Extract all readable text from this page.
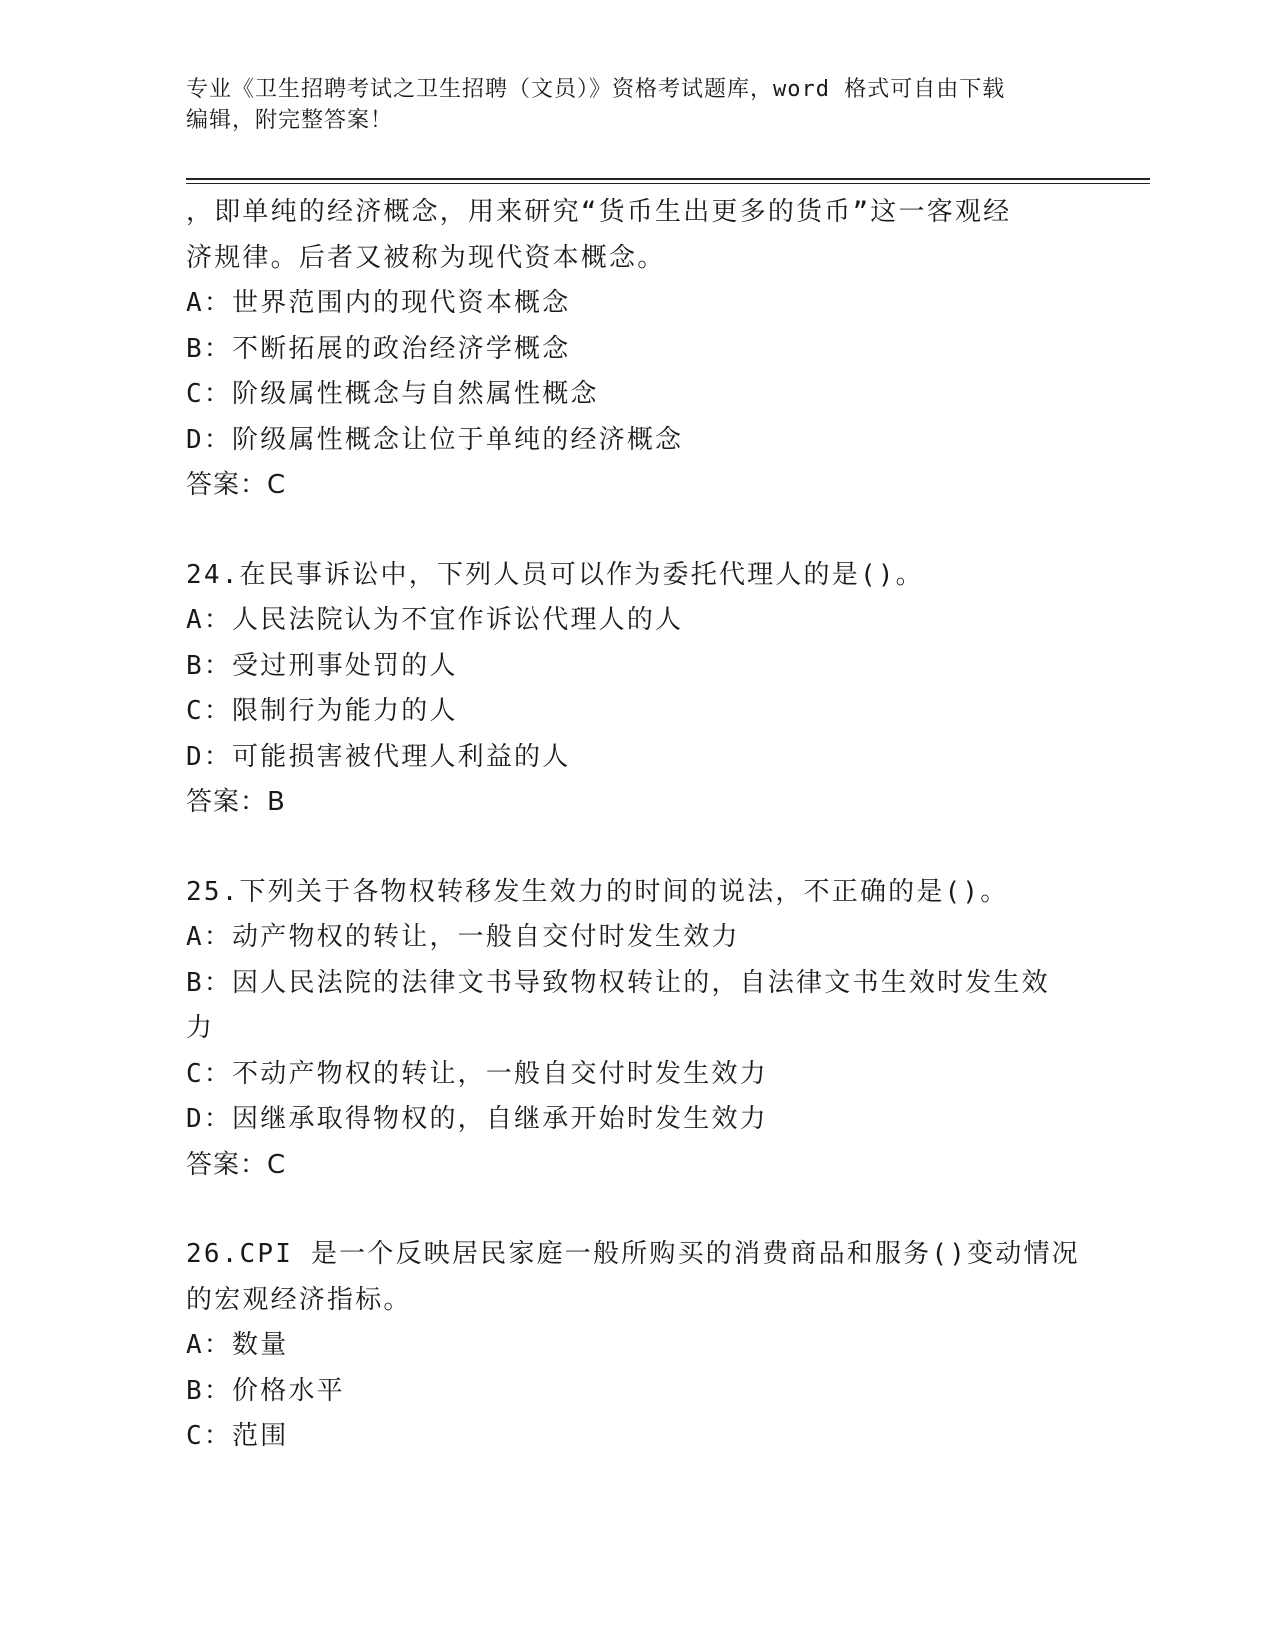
专业《卫生招聘考试之卫生招聘（文员）》资格考试题库，word 格式可自由下载
编辑，附完整答案！
，即单纯的经济概念，用来研究“货币生出更多的货币”这一客观经
济规律。后者又被称为现代资本概念。
A：世界范围内的现代资本概念
B：不断拓展的政治经济学概念
C：阶级属性概念与自然属性概念
D：阶级属性概念让位于单纯的经济概念
答案：C
24.在民事诉讼中，下列人员可以作为委托代理人的是()。
A：人民法院认为不宜作诉讼代理人的人
B：受过刑事处罚的人
C：限制行为能力的人
D：可能损害被代理人利益的人
答案：B
25.下列关于各物权转移发生效力的时间的说法，不正确的是()。
A：动产物权的转让，一般自交付时发生效力
B：因人民法院的法律文书导致物权转让的，自法律文书生效时发生效
力
C：不动产物权的转让，一般自交付时发生效力
D：因继承取得物权的，自继承开始时发生效力
答案：C
26.CPI 是一个反映居民家庭一般所购买的消费商品和服务()变动情况
的宏观经济指标。
A：数量
B：价格水平
C：范围
